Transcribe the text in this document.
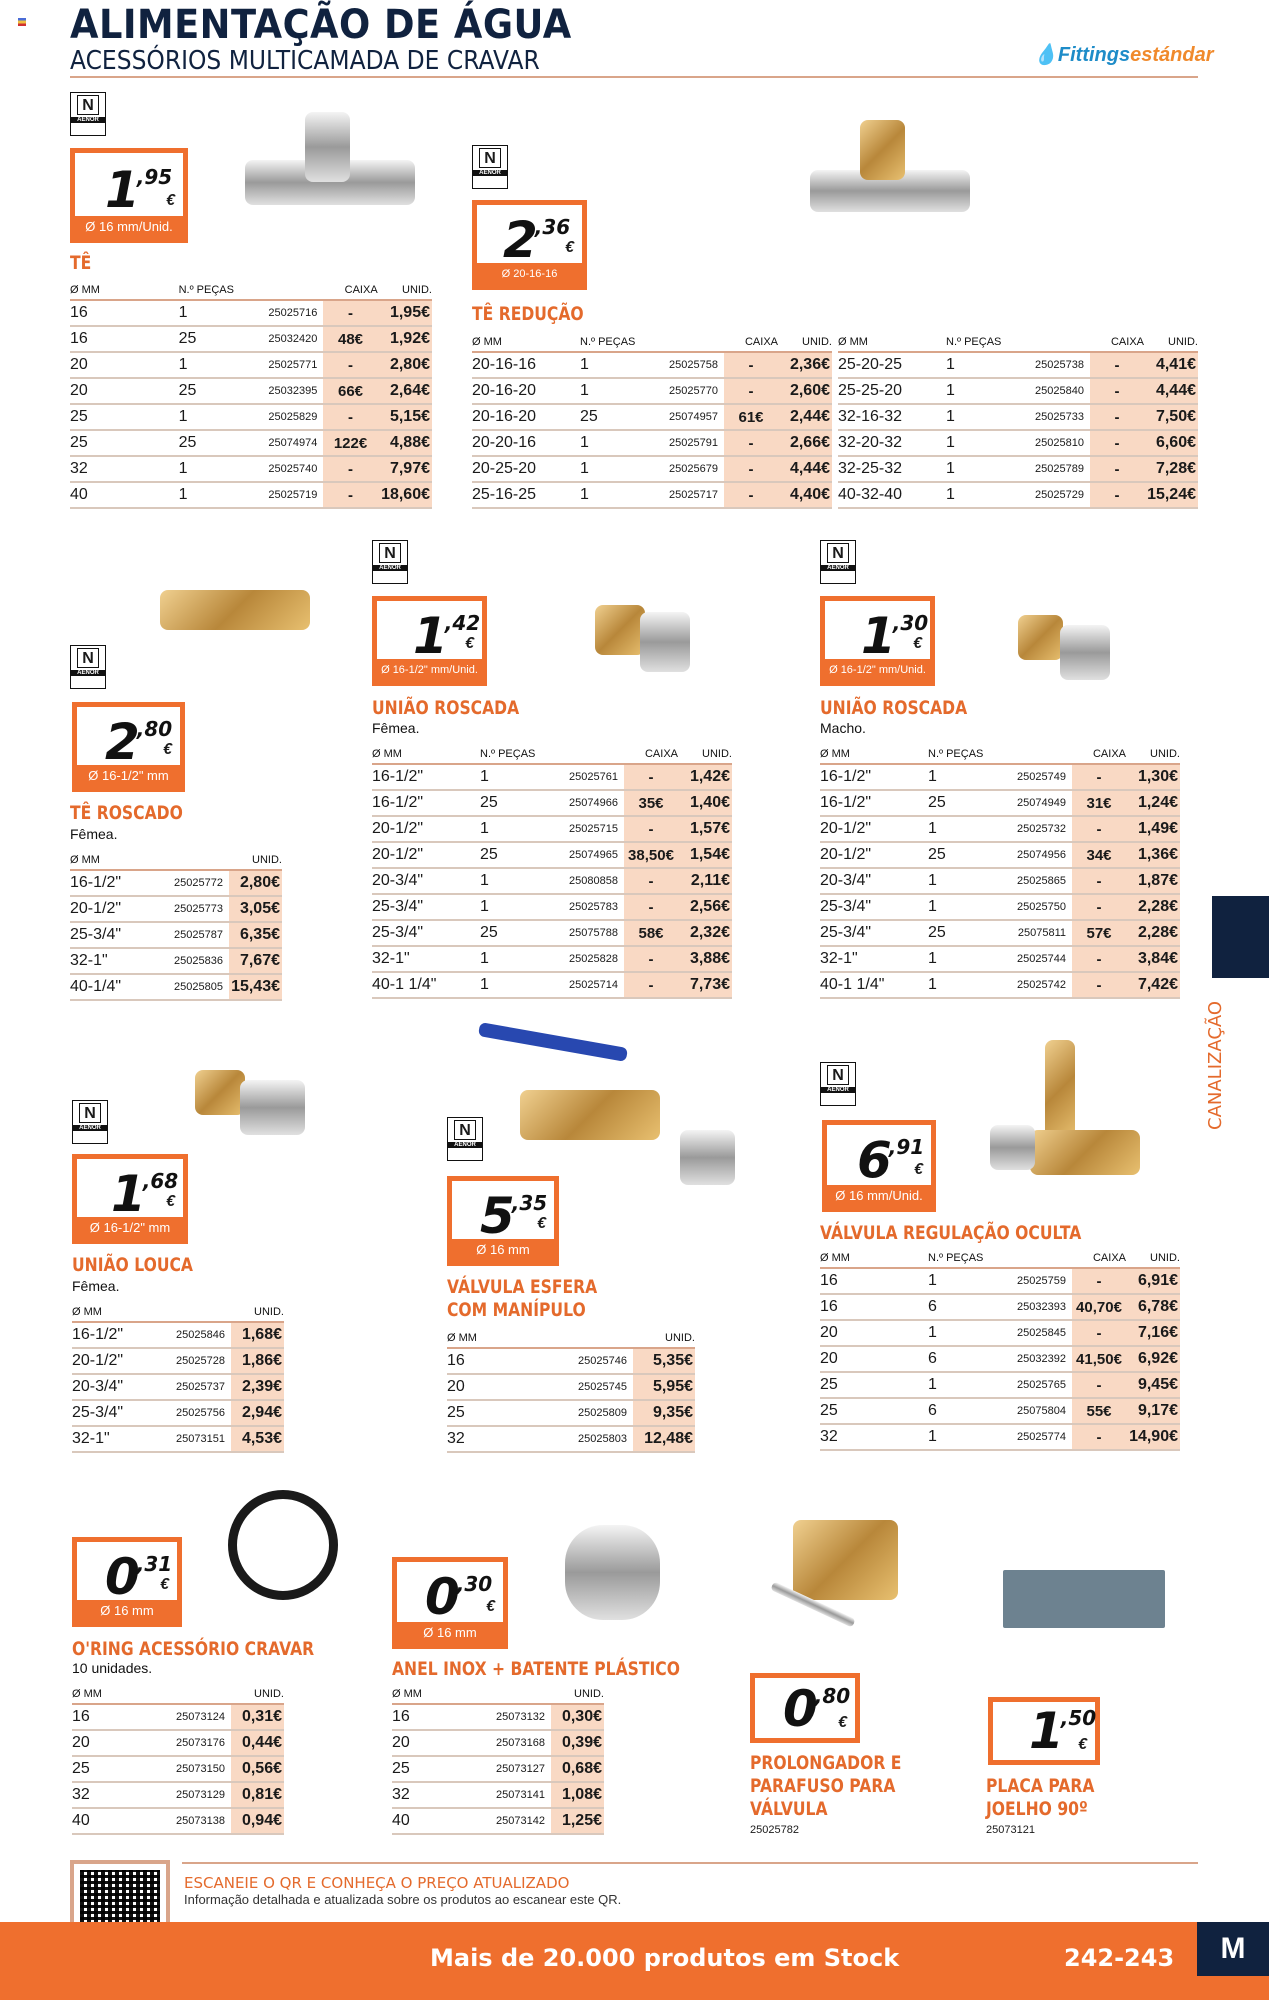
ALIMENTAÇÃO DE ÁGUA
ACESSÓRIOS MULTICAMADA DE CRAVAR	💧Fittingsestándar
N
AENOR
$1^{,95}$
€
Ø 16 mm/Unid.
TÊ
Ø MM	N.º PEÇAS		CAIXA	UNID.
16	1	25025716	-	1,95€
16	25	25032420	48€	1,92€
20	1	25025771	-	2,80€
20	25	25032395	66€	2,64€
25	1	25025829	-	5,15€
25	25	25074974	122€	4,88€
32	1	25025740	-	7,97€
40	1	25025719	-	18,60€
N
AENOR
$2^{,36}$
€
Ø 20-16-16 mm/Unid.
TÊ REDUÇÃO
Ø MM	N.º PEÇAS		CAIXA	UNID.
20-16-16	1	25025758	-	2,36€
20-16-20	1	25025770	-	2,60€
20-16-20	25	25074957	61€	2,44€
20-20-16	1	25025791	-	2,66€
20-25-20	1	25025679	-	4,44€
25-16-25	1	25025717	-	4,40€
Ø MM	N.º PEÇAS		CAIXA	UNID.
25-20-25	1	25025738	-	4,41€
25-25-20	1	25025840	-	4,44€
32-16-32	1	25025733	-	7,50€
32-20-32	1	25025810	-	6,60€
32-25-32	1	25025789	-	7,28€
40-32-40	1	25025729	-	15,24€
N
AENOR
$2^{,80}$
€
Ø 16-1/2" mm
TÊ ROSCADO
Fêmea.
Ø MM		UNID.
16-1/2"	25025772	2,80€
20-1/2"	25025773	3,05€
25-3/4"	25025787	6,35€
32-1"	25025836	7,67€
40-1/4"	25025805	15,43€
N
AENOR
$1^{,42}$
€
Ø 16-1/2" mm/Unid.
UNIÃO ROSCADA
Fêmea.
Ø MM	N.º PEÇAS		CAIXA	UNID.
16-1/2"	1	25025761	-	1,42€
16-1/2"	25	25074966	35€	1,40€
20-1/2"	1	25025715	-	1,57€
20-1/2"	25	25074965	38,50€	1,54€
20-3/4"	1	25080858	-	2,11€
25-3/4"	1	25025783	-	2,56€
25-3/4"	25	25075788	58€	2,32€
32-1"	1	25025828	-	3,88€
40-1 1/4"	1	25025714	-	7,73€
N
AENOR
$1^{,30}$
€
Ø 16-1/2" mm/Unid.
UNIÃO ROSCADA
Macho.
Ø MM	N.º PEÇAS		CAIXA	UNID.
16-1/2"	1	25025749	-	1,30€
16-1/2"	25	25074949	31€	1,24€
20-1/2"	1	25025732	-	1,49€
20-1/2"	25	25074956	34€	1,36€
20-3/4"	1	25025865	-	1,87€
25-3/4"	1	25025750	-	2,28€
25-3/4"	25	25075811	57€	2,28€
32-1"	1	25025744	-	3,84€
40-1 1/4"	1	25025742	-	7,42€
CANALIZAÇÃO
N
AENOR
$1^{,68}$
€
Ø 16-1/2" mm
UNIÃO LOUCA
Fêmea.
Ø MM		UNID.
16-1/2"	25025846	1,68€
20-1/2"	25025728	1,86€
20-3/4"	25025737	2,39€
25-3/4"	25025756	2,94€
32-1"	25073151	4,53€
N
AENOR
$5^{,35}$
€
Ø 16 mm
VÁLVULA ESFERA
COM MANÍPULO
Ø MM		UNID.
16	25025746	5,35€
20	25025745	5,95€
25	25025809	9,35€
32	25025803	12,48€
N
AENOR
$6^{,91}$
€
Ø 16 mm/Unid.
VÁLVULA REGULAÇÃO OCULTA
Ø MM	N.º PEÇAS		CAIXA	UNID.
16	1	25025759	-	6,91€
16	6	25032393	40,70€	6,78€
20	1	25025845	-	7,16€
20	6	25032392	41,50€	6,92€
25	1	25025765	-	9,45€
25	6	25075804	55€	9,17€
32	1	25025774	-	14,90€
$0^{,31}$
€
Ø 16 mm
O'RING ACESSÓRIO CRAVAR
10 unidades.
Ø MM		UNID.
16	25073124	0,31€
20	25073176	0,44€
25	25073150	0,56€
32	25073129	0,81€
40	25073138	0,94€
$0^{,30}$
€
Ø 16 mm
ANEL INOX + BATENTE PLÁSTICO
Ø MM		UNID.
16	25073132	0,30€
20	25073168	0,39€
25	25073127	0,68€
32	25073141	1,08€
40	25073142	1,25€
$0^{,80}$
€
PROLONGADOR E
PARAFUSO PARA
VÁLVULA
25025782
$1^{,50}$
€
PLACA PARA
JOELHO 90º
25073121
ESCANEIE O QR E CONHEÇA O PREÇO ATUALIZADO
Informação detalhada e atualizada sobre os produtos ao escanear este QR.
Mais de 20.000 produtos em Stock	242-243	M
